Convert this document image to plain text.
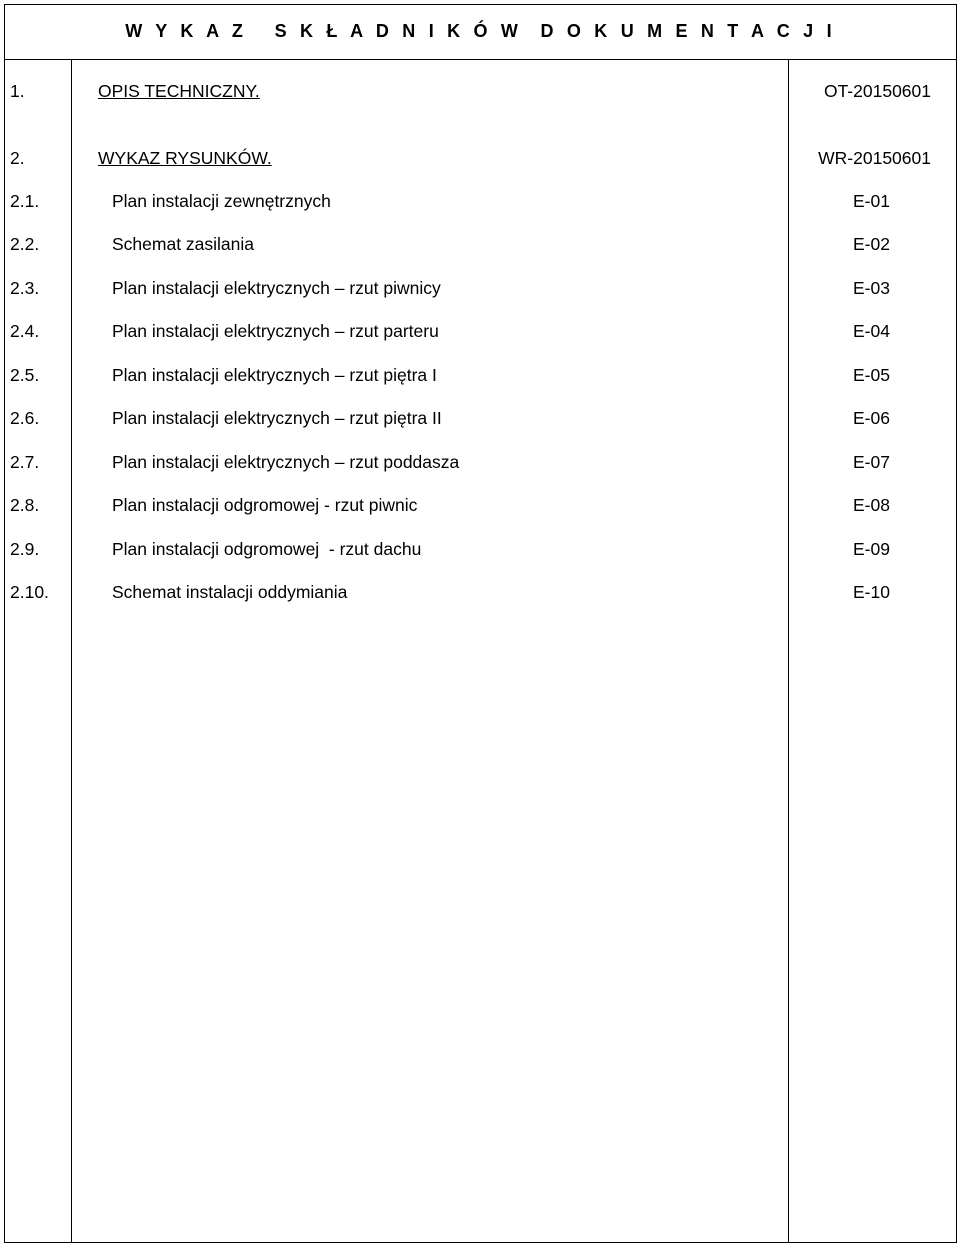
W Y K A Z   S K Ł A D N I K Ó W  D O K U M E N T A C J I
1.	OPIS TECHNICZNY.	OT-20150601
2.	WYKAZ RYSUNKÓW.	WR-20150601
2.1.	Plan instalacji zewnętrznych	E-01
2.2.	Schemat zasilania	E-02
2.3.	Plan instalacji elektrycznych – rzut piwnicy	E-03
2.4.	Plan instalacji elektrycznych – rzut parteru	E-04
2.5.	Plan instalacji elektrycznych – rzut piętra I	E-05
2.6.	Plan instalacji elektrycznych – rzut piętra II	E-06
2.7.	Plan instalacji elektrycznych – rzut poddasza	E-07
2.8.	Plan instalacji odgromowej - rzut piwnic	E-08
2.9.	Plan instalacji odgromowej  - rzut dachu	E-09
2.10.	Schemat instalacji oddymiania	E-10
